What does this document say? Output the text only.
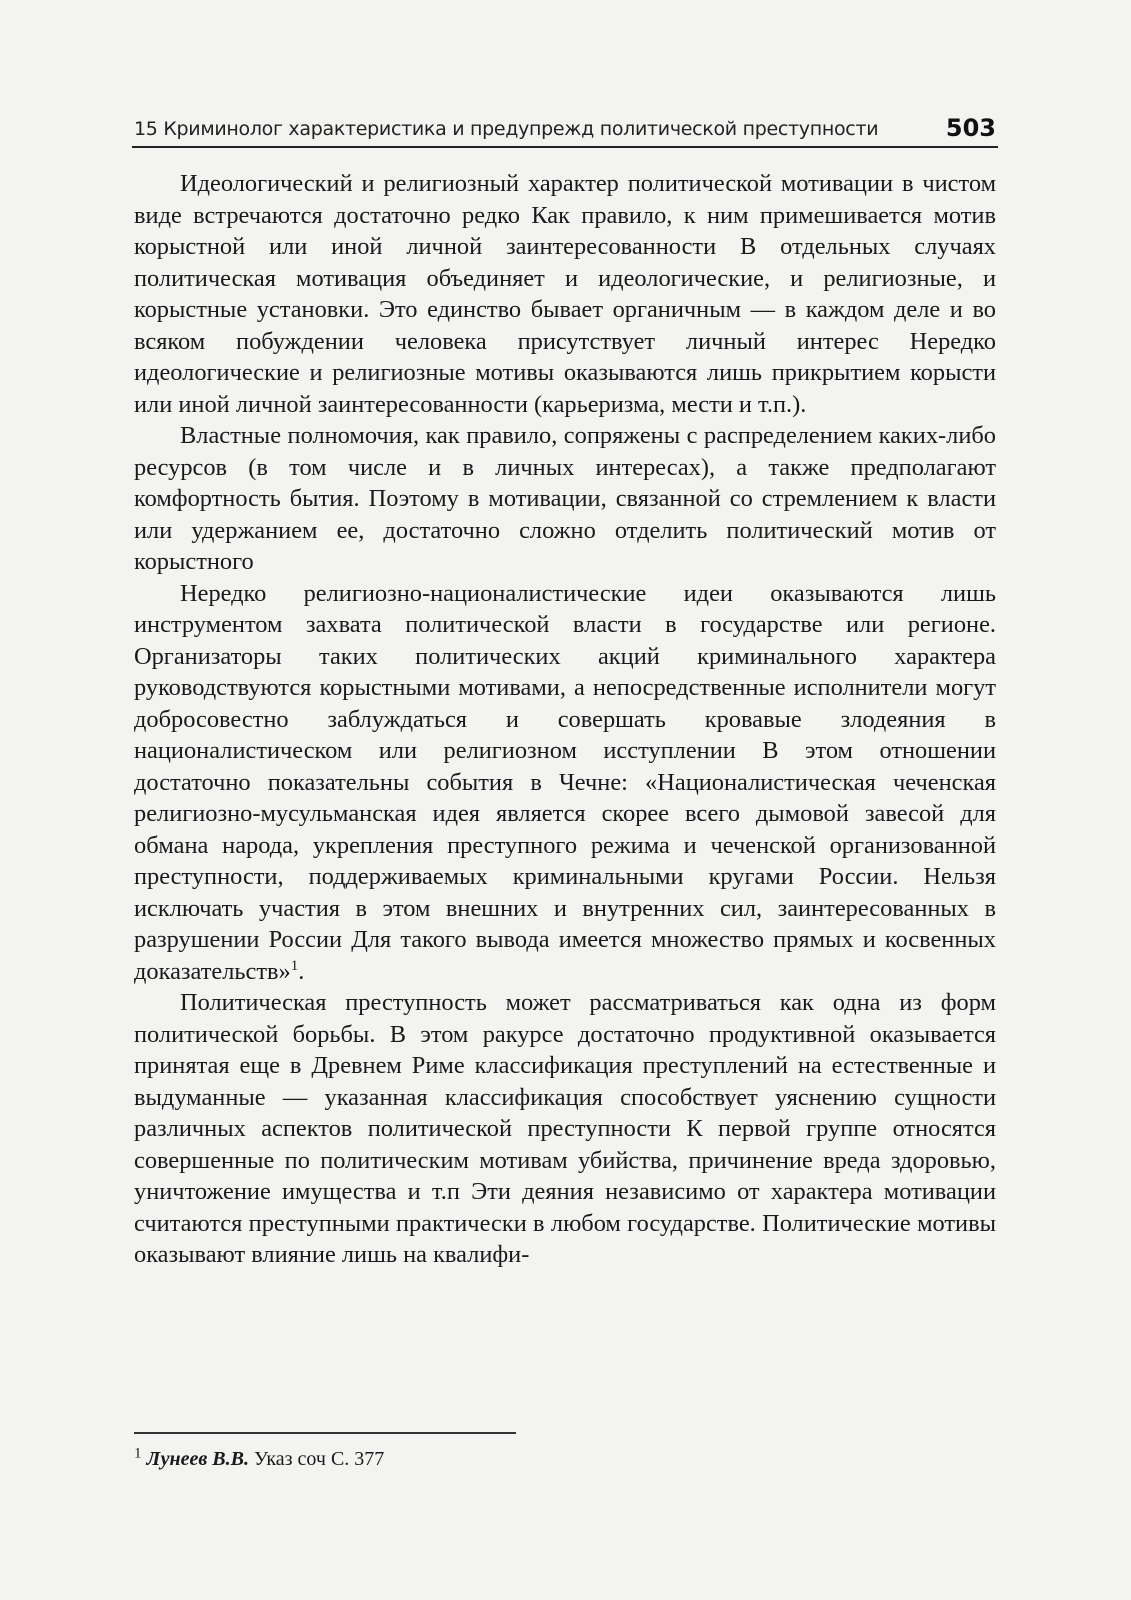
15 Криминолог характеристика и предупрежд политической преступности	503

Идеологический и религиозный характер политической мотивации в чистом виде встречаются достаточно редко Как правило, к ним примешивается мотив корыстной или иной личной заинтересованности В отдельных случаях политическая мотивация объединяет и идеологические, и религиозные, и корыстные установки. Это единство бывает органичным — в каждом деле и во всяком побуждении человека присутствует личный интерес Нередко идеологические и религиозные мотивы оказываются лишь прикрытием корысти или иной личной заинтересованности (карьеризма, мести и т.п.).

Властные полномочия, как правило, сопряжены с распределением каких-либо ресурсов (в том числе и в личных интересах), а также предполагают комфортность бытия. Поэтому в мотивации, связанной со стремлением к власти или удержанием ее, достаточно сложно отделить политический мотив от корыстного

Нередко религиозно-националистические идеи оказываются лишь инструментом захвата политической власти в государстве или регионе. Организаторы таких политических акций криминального характера руководствуются корыстными мотивами, а непосредственные исполнители могут добросовестно заблуждаться и совершать кровавые злодеяния в националистическом или религиозном исступлении В этом отношении достаточно показательны события в Чечне: «Националистическая чеченская религиозно-мусульманская идея является скорее всего дымовой завесой для обмана народа, укрепления преступного режима и чеченской организованной преступности, поддерживаемых криминальными кругами России. Нельзя исключать участия в этом внешних и внутренних сил, заинтересованных в разрушении России Для такого вывода имеется множество прямых и косвенных доказательств»$^1$.

Политическая преступность может рассматриваться как одна из форм политической борьбы. В этом ракурсе достаточно продуктивной оказывается принятая еще в Древнем Риме классификация преступлений на естественные и выдуманные — указанная классификация способствует уяснению сущности различных аспектов политической преступности К первой группе относятся совершенные по политическим мотивам убийства, причинение вреда здоровью, уничтожение имущества и т.п Эти деяния независимо от характера мотивации считаются преступными практически в любом государстве. Политические мотивы оказывают влияние лишь на квалифи-

$^1$ Лунеев В.В. Указ соч С. 377
